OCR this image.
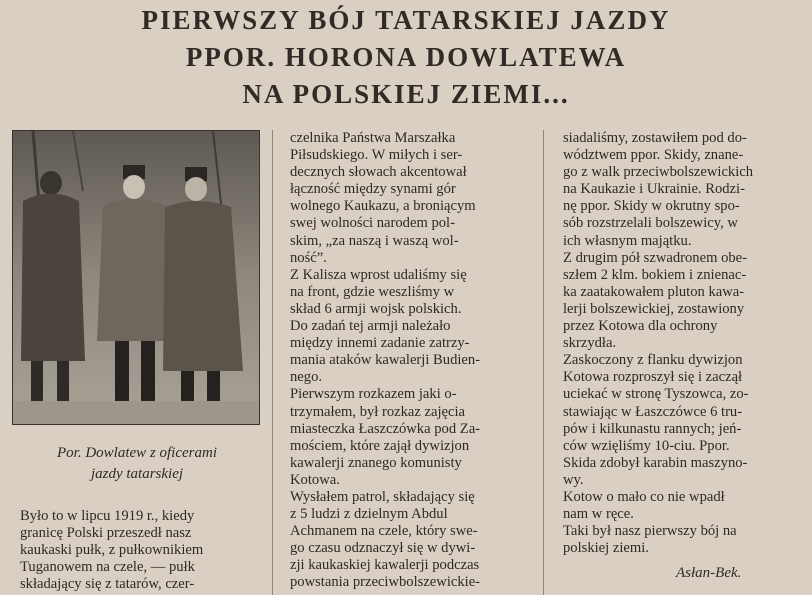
PIERWSZY BÓJ TATARSKIEJ JAZDY
PPOR. HORONA DOWLATEWA
NA POLSKIEJ ZIEMI...
Por. Dowlatew z oficerami
jazdy tatarskiej
Było to w lipcu 1919 r., kiedy
granicę Polski przeszedł nasz
kaukaski pułk, z pułkownikiem
Tuganowem na czele, — pułk
składający się z tatarów, czer-
czelnika Państwa Marszałka
Piłsudskiego. W miłych i ser-
decznych słowach akcentował
łączność między synami gór
wolnego Kaukazu, a broniącym
swej wolności narodem pol-
skim, „za naszą i waszą wol-
ność”.
Z Kalisza wprost udaliśmy się
na front, gdzie weszliśmy w
skład 6 armji wojsk polskich.
Do zadań tej armji należało
między innemi zadanie zatrzy-
mania ataków kawalerji Budien-
nego.
Pierwszym rozkazem jaki o-
trzymałem, był rozkaz zajęcia
miasteczka Łaszczówka pod Za-
mościem, które zajął dywizjon
kawalerji znanego komunisty
Kotowa.
Wysłałem patrol, składający się
z 5 ludzi z dzielnym Abdul
Achmanem na czele, który swe-
go czasu odznaczył się w dywi-
zji kaukaskiej kawalerji podczas
powstania przeciwbolszewickie-
siadaliśmy, zostawiłem pod do-
wództwem ppor. Skidy, znane-
go z walk przeciwbolszewickich
na Kaukazie i Ukrainie. Rodzi-
nę ppor. Skidy w okrutny spo-
sób rozstrzelali bolszewicy, w
ich własnym majątku.
Z drugim pół szwadronem obe-
szłem 2 klm. bokiem i znienac-
ka zaatakowałem pluton kawa-
lerji bolszewickiej, zostawiony
przez Kotowa dla ochrony
skrzydła.
Zaskoczony z flanku dywizjon
Kotowa rozproszył się i zaczął
uciekać w stronę Tyszowca, zo-
stawiając w Łaszczówce 6 tru-
pów i kilkunastu rannych; jeń-
ców wzięliśmy 10-ciu. Ppor.
Skida zdobył karabin maszyno-
wy.
Kotow o mało co nie wpadł
nam w ręce.
Taki był nasz pierwszy bój na
polskiej ziemi.
Asłan-Bek.
